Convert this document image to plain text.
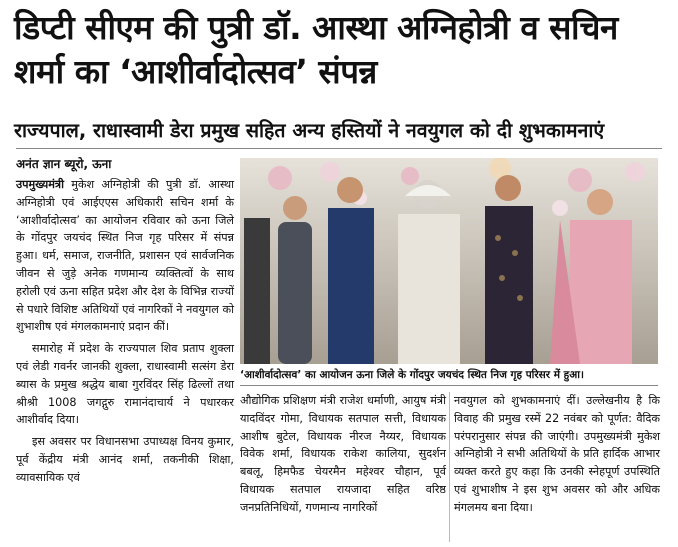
डिप्टी सीएम की पुत्री डॉ. आस्था अग्निहोत्री व सचिन शर्मा का ‘आशीर्वादोत्सव’ संपन्न
राज्यपाल, राधास्वामी डेरा प्रमुख सहित अन्य हस्तियों ने नवयुगल को दी शुभकामनाएं
अनंत ज्ञान ब्यूरो, ऊना

उपमुख्यमंत्री मुकेश अग्निहोत्री की पुत्री डॉ. आस्था अग्निहोत्री एवं आईएएस अधिकारी सचिन शर्मा के ‘आशीर्वादोत्सव’ का आयोजन रविवार को ऊना जिले के गोंदपुर जयचंद स्थित निज गृह परिसर में संपन्न हुआ। धर्म, समाज, राजनीति, प्रशासन एवं सार्वजनिक जीवन से जुड़े अनेक गणमान्य व्यक्तित्वों के साथ हरोली एवं ऊना सहित प्रदेश और देश के विभिन्न राज्यों से पधारे विशिष्ट अतिथियों एवं नागरिकों ने नवयुगल को शुभाशीष एवं मंगलकामनाएं प्रदान कीं।

समारोह में प्रदेश के राज्यपाल शिव प्रताप शुक्ला एवं लेडी गवर्नर जानकी शुक्ला, राधास्वामी सत्संग डेरा ब्यास के प्रमुख श्रद्धेय बाबा गुरविंदर सिंह ढिल्लों तथा श्रीश्री 1008 जगद्गुरु रामानंदाचार्य ने पधारकर आशीर्वाद दिया।

इस अवसर पर विधानसभा उपाध्यक्ष विनय कुमार, पूर्व केंद्रीय मंत्री आनंद शर्मा, तकनीकी शिक्षा, व्यावसायिक एवं

‘आशीर्वादोत्सव’ का आयोजन ऊना जिले के गोंदपुर जयचंद स्थित निज गृह परिसर में हुआ।

औद्योगिक प्रशिक्षण मंत्री राजेश धर्माणी, आयुष मंत्री यादविंदर गोमा, विधायक सतपाल सत्ती, विधायक आशीष बुटेल, विधायक नीरज नैय्यर, विधायक विवेक शर्मा, विधायक राकेश कालिया, सुदर्शन बबलू, हिमफैड चेयरमैन महेश्वर चौहान, पूर्व विधायक सतपाल रायजादा सहित वरिष्ठ जनप्रतिनिधियों, गणमान्य नागरिकों

नवयुगल को शुभकामनाएं दीं। उल्लेखनीय है कि विवाह की प्रमुख रस्में 22 नवंबर को पूर्णत: वैदिक परंपरानुसार संपन्न की जाएंगी। उपमुख्यमंत्री मुकेश अग्निहोत्री ने सभी अतिथियों के प्रति हार्दिक आभार व्यक्त करते हुए कहा कि उनकी स्नेहपूर्ण उपस्थिति एवं शुभाशीष ने इस शुभ अवसर को और अधिक मंगलमय बना दिया।
